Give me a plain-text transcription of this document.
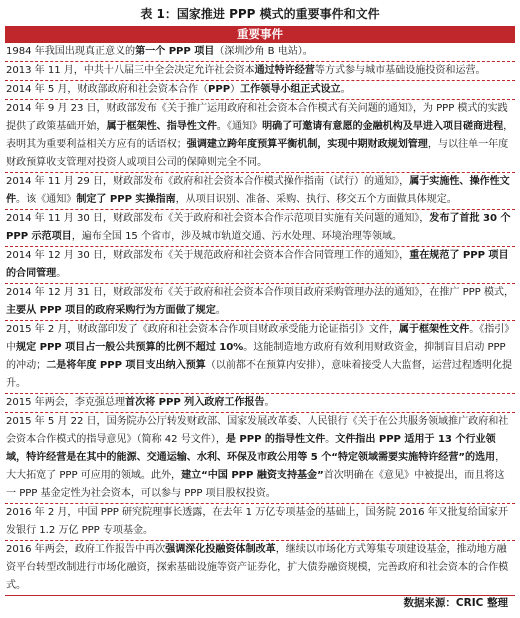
表 1：国家推进 PPP 模式的重要事件和文件
重要事件
1984 年我国出现真正意义的第一个 PPP 项目（深圳沙角 B 电站）。
2013 年 11 月，中共十八届三中全会决定允许社会资本通过特许经营等方式参与城市基础设施投资和运营。
2014 年 5 月，财政部政府和社会资本合作（PPP）工作领导小组正式设立。
2014 年 9 月 23 日，财政部发布《关于推广运用政府和社会资本合作模式有关问题的通知》，为 PPP 模式的实践提供了政策基础开始，属于框架性、指导性文件。《通知》明确了可邀请有意愿的金融机构及早进入项目磋商进程，表明其为重要利益相关方应有的话语权；强调建立跨年度预算平衡机制，实现中期财政规划管理，与以往单一年度财政预算收支管理对投资人或项目公司的保障则完全不同。
2014 年 11 月 29 日，财政部发布《政府和社会资本合作模式操作指南（试行）的通知》，属于实施性、操作性文件。该《通知》制定了 PPP 实操指南，从项目识别、准备、采购、执行、移交五个方面做具体规定。
2014 年 11 月 30 日，财政部发布《关于政府和社会资本合作示范项目实施有关问题的通知》，发布了首批 30 个 PPP 示范项目，遍布全国 15 个省市，涉及城市轨道交通、污水处理、环境治理等领域。
2014 年 12 月 30 日，财政部发布《关于规范政府和社会资本合作合同管理工作的通知》，重在规范了 PPP 项目的合同管理。
2014 年 12 月 31 日，财政部发布《关于政府和社会资本合作项目政府采购管理办法的通知》，在推广 PPP 模式，主要从 PPP 项目的政府采购行为方面做了规定。
2015 年 2 月，财政部印发了《政府和社会资本合作项目财政承受能力论证指引》文件，属于框架性文件。《指引》中规定 PPP 项目占一般公共预算的比例不超过 10%。这能制造地方政府有效利用财政资金，抑制盲目启动 PPP 的冲动；二是将年度 PPP 项目支出纳入预算（以前都不在预算内安排），意味着接受人大监督，运营过程透明化提升。
2015 年两会，李克强总理首次将 PPP 列入政府工作报告。
2015 年 5 月 22 日，国务院办公厅转发财政部、国家发展改革委、人民银行《关于在公共服务领域推广政府和社会资本合作模式的指导意见》（简称 42 号文件），是 PPP 的指导性文件。文件指出 PPP 适用于 13 个行业领域，特许经营是在其中的能源、交通运输、水利、环保及市政公用等 5 个“特定领域需要实施特许经营”的选用，大大拓宽了 PPP 可应用的领域。此外，建立“中国 PPP 融资支持基金”首次明确在《意见》中被提出，而且将这一 PPP 基金定性为社会资本，可以参与 PPP 项目股权投资。
2016 年 2 月，中国 PPP 研究院理事长透露，在去年 1 万亿专项基金的基础上，国务院 2016 年又批复给国家开发银行 1.2 万亿 PPP 专项基金。
2016 年两会，政府工作报告中再次强调深化投融资体制改革，继续以市场化方式筹集专项建设基金，推动地方融资平台转型改制进行市场化融资，探索基础设施等资产证券化，扩大债券融资规模，完善政府和社会资本的合作模式。
数据来源：CRIC 整理
